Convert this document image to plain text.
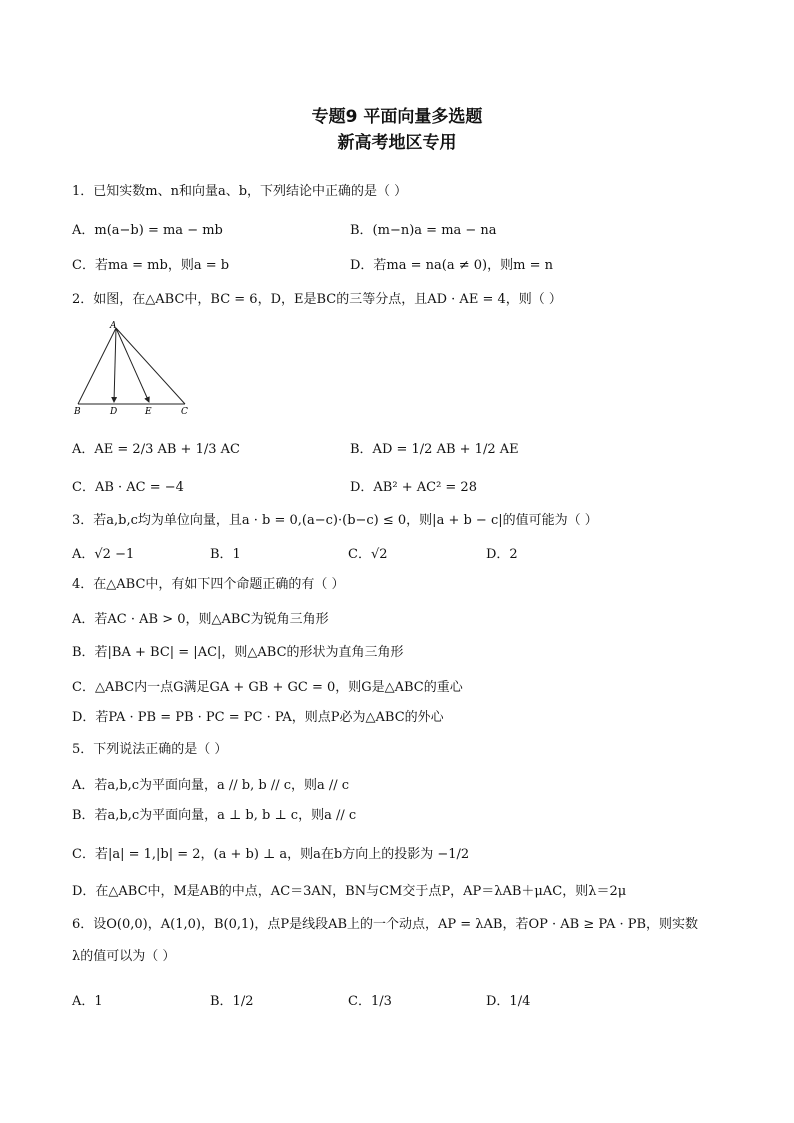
专题9 平面向量多选题
新高考地区专用
1．已知实数m、n和向量a、b，下列结论中正确的是（ ）
A．m(a−b) = ma − mb	B．(m−n)a = ma − na
C．若ma = mb，则a = b	D．若ma = na(a ≠ 0)，则m = n
2．如图，在△ABC中，BC = 6，D，E是BC的三等分点，且AD · AE = 4，则（ ）
A
B	D	E	C
A．AE = 2/3 AB + 1/3 AC	B．AD = 1/2 AB + 1/2 AE
C．AB · AC = −4	D．AB² + AC² = 28
3．若a,b,c均为单位向量，且a · b = 0,(a−c)·(b−c) ≤ 0，则|a + b − c|的值可能为（ ）
A．√2 −1	B．1	C．√2	D．2
4．在△ABC中，有如下四个命题正确的有（ ）
A．若AC · AB > 0，则△ABC为锐角三角形
B．若|BA + BC| = |AC|，则△ABC的形状为直角三角形
C．△ABC内一点G满足GA + GB + GC = 0，则G是△ABC的重心
D．若PA · PB = PB · PC = PC · PA，则点P必为△ABC的外心
5．下列说法正确的是（ ）
A．若a,b,c为平面向量，a // b, b // c，则a // c
B．若a,b,c为平面向量，a ⊥ b, b ⊥ c，则a // c
C．若|a| = 1,|b| = 2，(a + b) ⊥ a，则a在b方向上的投影为 −1/2
D．在△ABC中，M是AB的中点，AC＝3AN，BN与CM交于点P，AP＝λAB＋μAC，则λ＝2μ
6．设O(0,0)，A(1,0)，B(0,1)，点P是线段AB上的一个动点，AP = λAB，若OP · AB ≥ PA · PB，则实数
λ的值可以为（ ）
A．1	B．1/2	C．1/3	D．1/4
